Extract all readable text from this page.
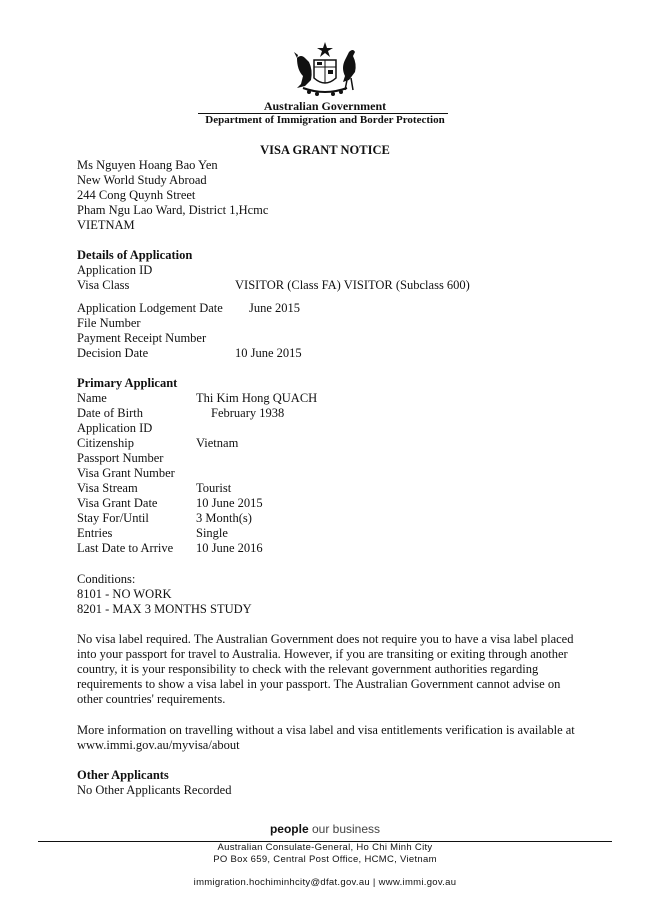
Australian Government
Department of Immigration and Border Protection
VISA GRANT NOTICE
Ms Nguyen Hoang Bao Yen
New World Study Abroad
244 Cong Quynh Street
Pham Ngu Lao Ward, District 1,Hcmc
VIETNAM
Details of Application
Application ID
Visa Class	VISITOR (Class FA) VISITOR (Subclass 600)
Application Lodgement Date June 2015
File Number
Payment Receipt Number
Decision Date	10 June 2015
Primary Applicant
Name	Thi Kim Hong QUACH
Date of Birth	February 1938
Application ID
Citizenship	Vietnam
Passport Number
Visa Grant Number
Visa Stream	Tourist
Visa Grant Date	10 June 2015
Stay For/Until	3 Month(s)
Entries	Single
Last Date to Arrive 10 June 2016
Conditions:
8101 - NO WORK
8201 - MAX 3 MONTHS STUDY
No visa label required. The Australian Government does not require you to have a visa label placed into your passport for travel to Australia. However, if you are transiting or exiting through another country, it is your responsibility to check with the relevant government authorities regarding requirements to show a visa label in your passport. The Australian Government cannot advise on other countries' requirements.
More information on travelling without a visa label and visa entitlements verification is available at www.immi.gov.au/myvisa/about
Other Applicants
No Other Applicants Recorded
people our business
Australian Consulate-General, Ho Chi Minh City
PO Box 659, Central Post Office, HCMC, Vietnam
immigration.hochiminhcity@dfat.gov.au | www.immi.gov.au
